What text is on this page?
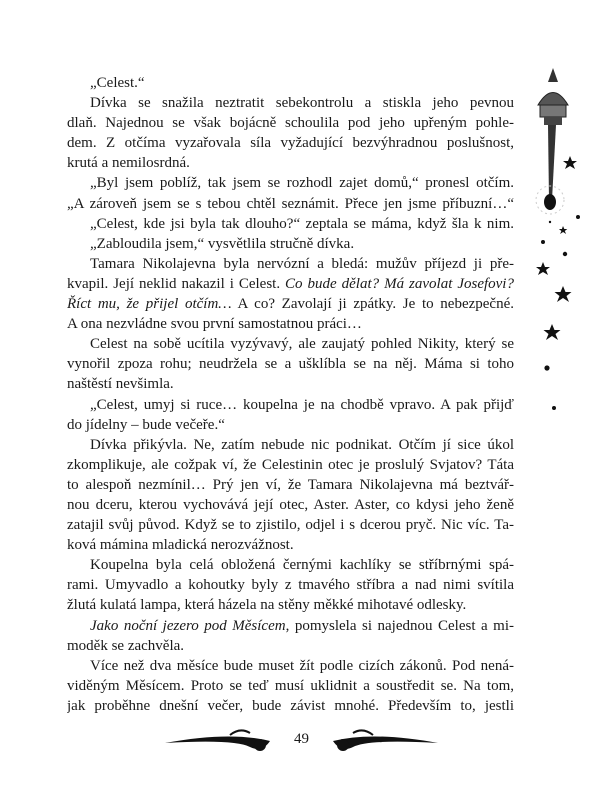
„Celest.“
Dívka se snažila neztratit sebekontrolu a stiskla jeho pevnou
dlaň. Najednou se však bojácně schoulila pod jeho upřeným pohle-
dem. Z otčíma vyzařovala síla vyžadující bezvýhradnou poslušnost,
krutá a nemilosrdná.
„Byl jsem poblíž, tak jsem se rozhodl zajet domů,“ pronesl otčím.
„A zároveň jsem se s tebou chtěl seznámit. Přece jen jsme příbuzní…“
„Celest, kde jsi byla tak dlouho?“ zeptala se máma, když šla k nim.
„Zabloudila jsem,“ vysvětlila stručně dívka.
Tamara Nikolajevna byla nervózní a bledá: mužův příjezd ji pře-
kvapil. Její neklid nakazil i Celest. Co bude dělat? Má zavolat Josefovi?
Říct mu, že přijel otčím… A co? Zavolají ji zpátky. Je to nebezpečné.
A ona nezvládne svou první samostatnou práci…
Celest na sobě ucítila vyzývavý, ale zaujatý pohled Nikity, který se
vynořil zpoza rohu; neudržela se a ušklíbla se na něj. Máma si toho
naštěstí nevšimla.
„Celest, umyj si ruce… koupelna je na chodbě vpravo. A pak přijď
do jídelny – bude večeře.“
Dívka přikývla. Ne, zatím nebude nic podnikat. Otčím jí sice úkol
zkomplikuje, ale cožpak ví, že Celestinin otec je proslulý Svjatov? Táta
to alespoň nezmínil… Prý jen ví, že Tamara Nikolajevna má beztvář-
nou dceru, kterou vychovává její otec, Aster. Aster, co kdysi jeho ženě
zatajil svůj původ. Když se to zjistilo, odjel i s dcerou pryč. Nic víc. Ta-
ková mámina mladická nerozvážnost.
Koupelna byla celá obložená černými kachlíky se stříbrnými spá-
rami. Umyvadlo a kohoutky byly z tmavého stříbra a nad nimi svítila
žlutá kulatá lampa, která házela na stěny měkké mihotavé odlesky.
Jako noční jezero pod Měsícem, pomyslela si najednou Celest a mi-
moděk se zachvěla.
Více než dva měsíce bude muset žít podle cizích zákonů. Pod nená-
viděným Měsícem. Proto se teď musí uklidnit a soustředit se. Na tom,
jak proběhne dnešní večer, bude závist mnohé. Především to, jestli
49
